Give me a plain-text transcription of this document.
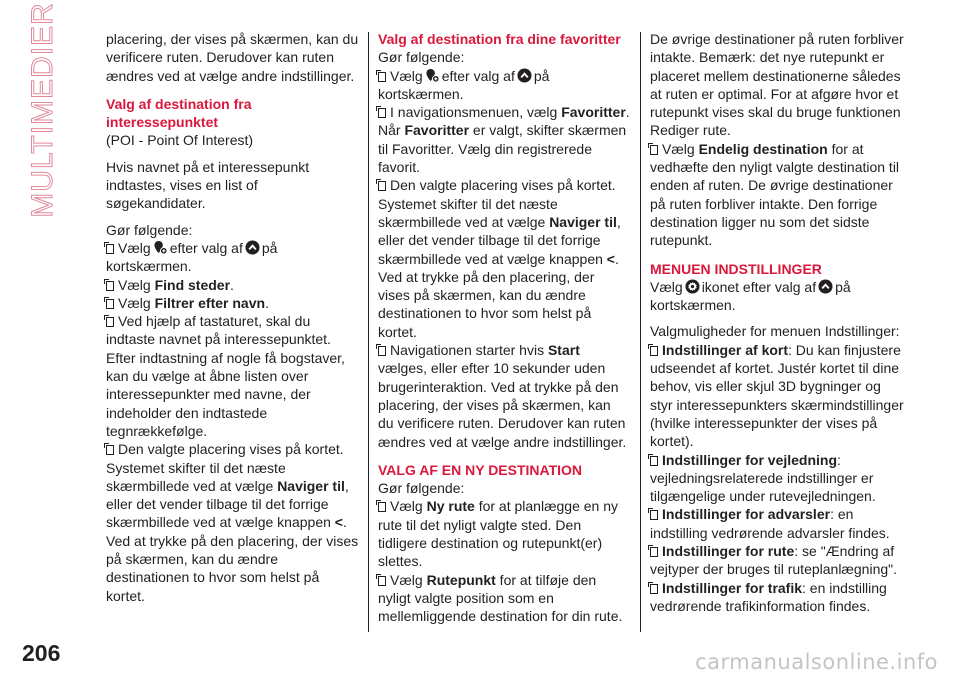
MULTIMEDIER	placering, der vises på skærmen, kan du verificere ruten. Derudover kan ruten ændres ved at vælge andre indstillinger.

Valg af destination fra interessepunktet

(POI - Point Of Interest)

Hvis navnet på et interessepunkt indtastes, vises en list of søgekandidater.

Gør følgende:

Vælg efter valg af på kortskærmen.

Vælg Find steder.

Vælg Filtrer efter navn.

Ved hjælp af tastaturet, skal du indtaste navnet på interessepunktet. Efter indtastning af nogle få bogstaver, kan du vælge at åbne listen over interessepunkter med navne, der indeholder den indtastede tegnrækkefølge.

Den valgte placering vises på kortet. Systemet skifter til det næste skærmbillede ved at vælge Naviger til, eller det vender tilbage til det forrige skærmbillede ved at vælge knappen <. Ved at trykke på den placering, der vises på skærmen, kan du ændre destinationen to hvor som helst på kortet.

Valg af destination fra dine favoritter

Gør følgende:

Vælg efter valg af på kortskærmen.

I navigationsmenuen, vælg Favoritter. Når Favoritter er valgt, skifter skærmen til Favoritter. Vælg din registrerede favorit.

Den valgte placering vises på kortet. Systemet skifter til det næste skærmbillede ved at vælge Naviger til, eller det vender tilbage til det forrige skærmbillede ved at vælge knappen <. Ved at trykke på den placering, der vises på skærmen, kan du ændre destinationen to hvor som helst på kortet.

Navigationen starter hvis Start vælges, eller efter 10 sekunder uden brugerinteraktion. Ved at trykke på den placering, der vises på skærmen, kan du verificere ruten. Derudover kan ruten ændres ved at vælge andre indstillinger.

VALG AF EN NY DESTINATION

Gør følgende:

Vælg Ny rute for at planlægge en ny rute til det nyligt valgte sted. Den tidligere destination og rutepunkt(er) slettes.

Vælg Rutepunkt for at tilføje den nyligt valgte position som en mellemliggende destination for din rute.

De øvrige destinationer på ruten forbliver intakte. Bemærk: det nye rutepunkt er placeret mellem destinationerne således at ruten er optimal. For at afgøre hvor et rutepunkt vises skal du bruge funktionen Rediger rute.

Vælg Endelig destination for at vedhæfte den nyligt valgte destination til enden af ruten. De øvrige destinationer på ruten forbliver intakte. Den forrige destination ligger nu som det sidste rutepunkt.

MENUEN INDSTILLINGER

Vælg ikonet efter valg af på kortskærmen.

Valgmuligheder for menuen Indstillinger:

Indstillinger af kort: Du kan finjustere udseendet af kortet. Justér kortet til dine behov, vis eller skjul 3D bygninger og styr interessepunkters skærmindstillinger (hvilke interessepunkter der vises på kortet).

Indstillinger for vejledning: vejledningsrelaterede indstillinger er tilgængelige under rutevejledningen.

Indstillinger for advarsler: en indstilling vedrørende advarsler findes.

Indstillinger for rute: se "Ændring af vejtyper der bruges til ruteplanlægning".

Indstillinger for trafik: en indstilling vedrørende trafikinformation findes.

206	carmanualsonline.info
